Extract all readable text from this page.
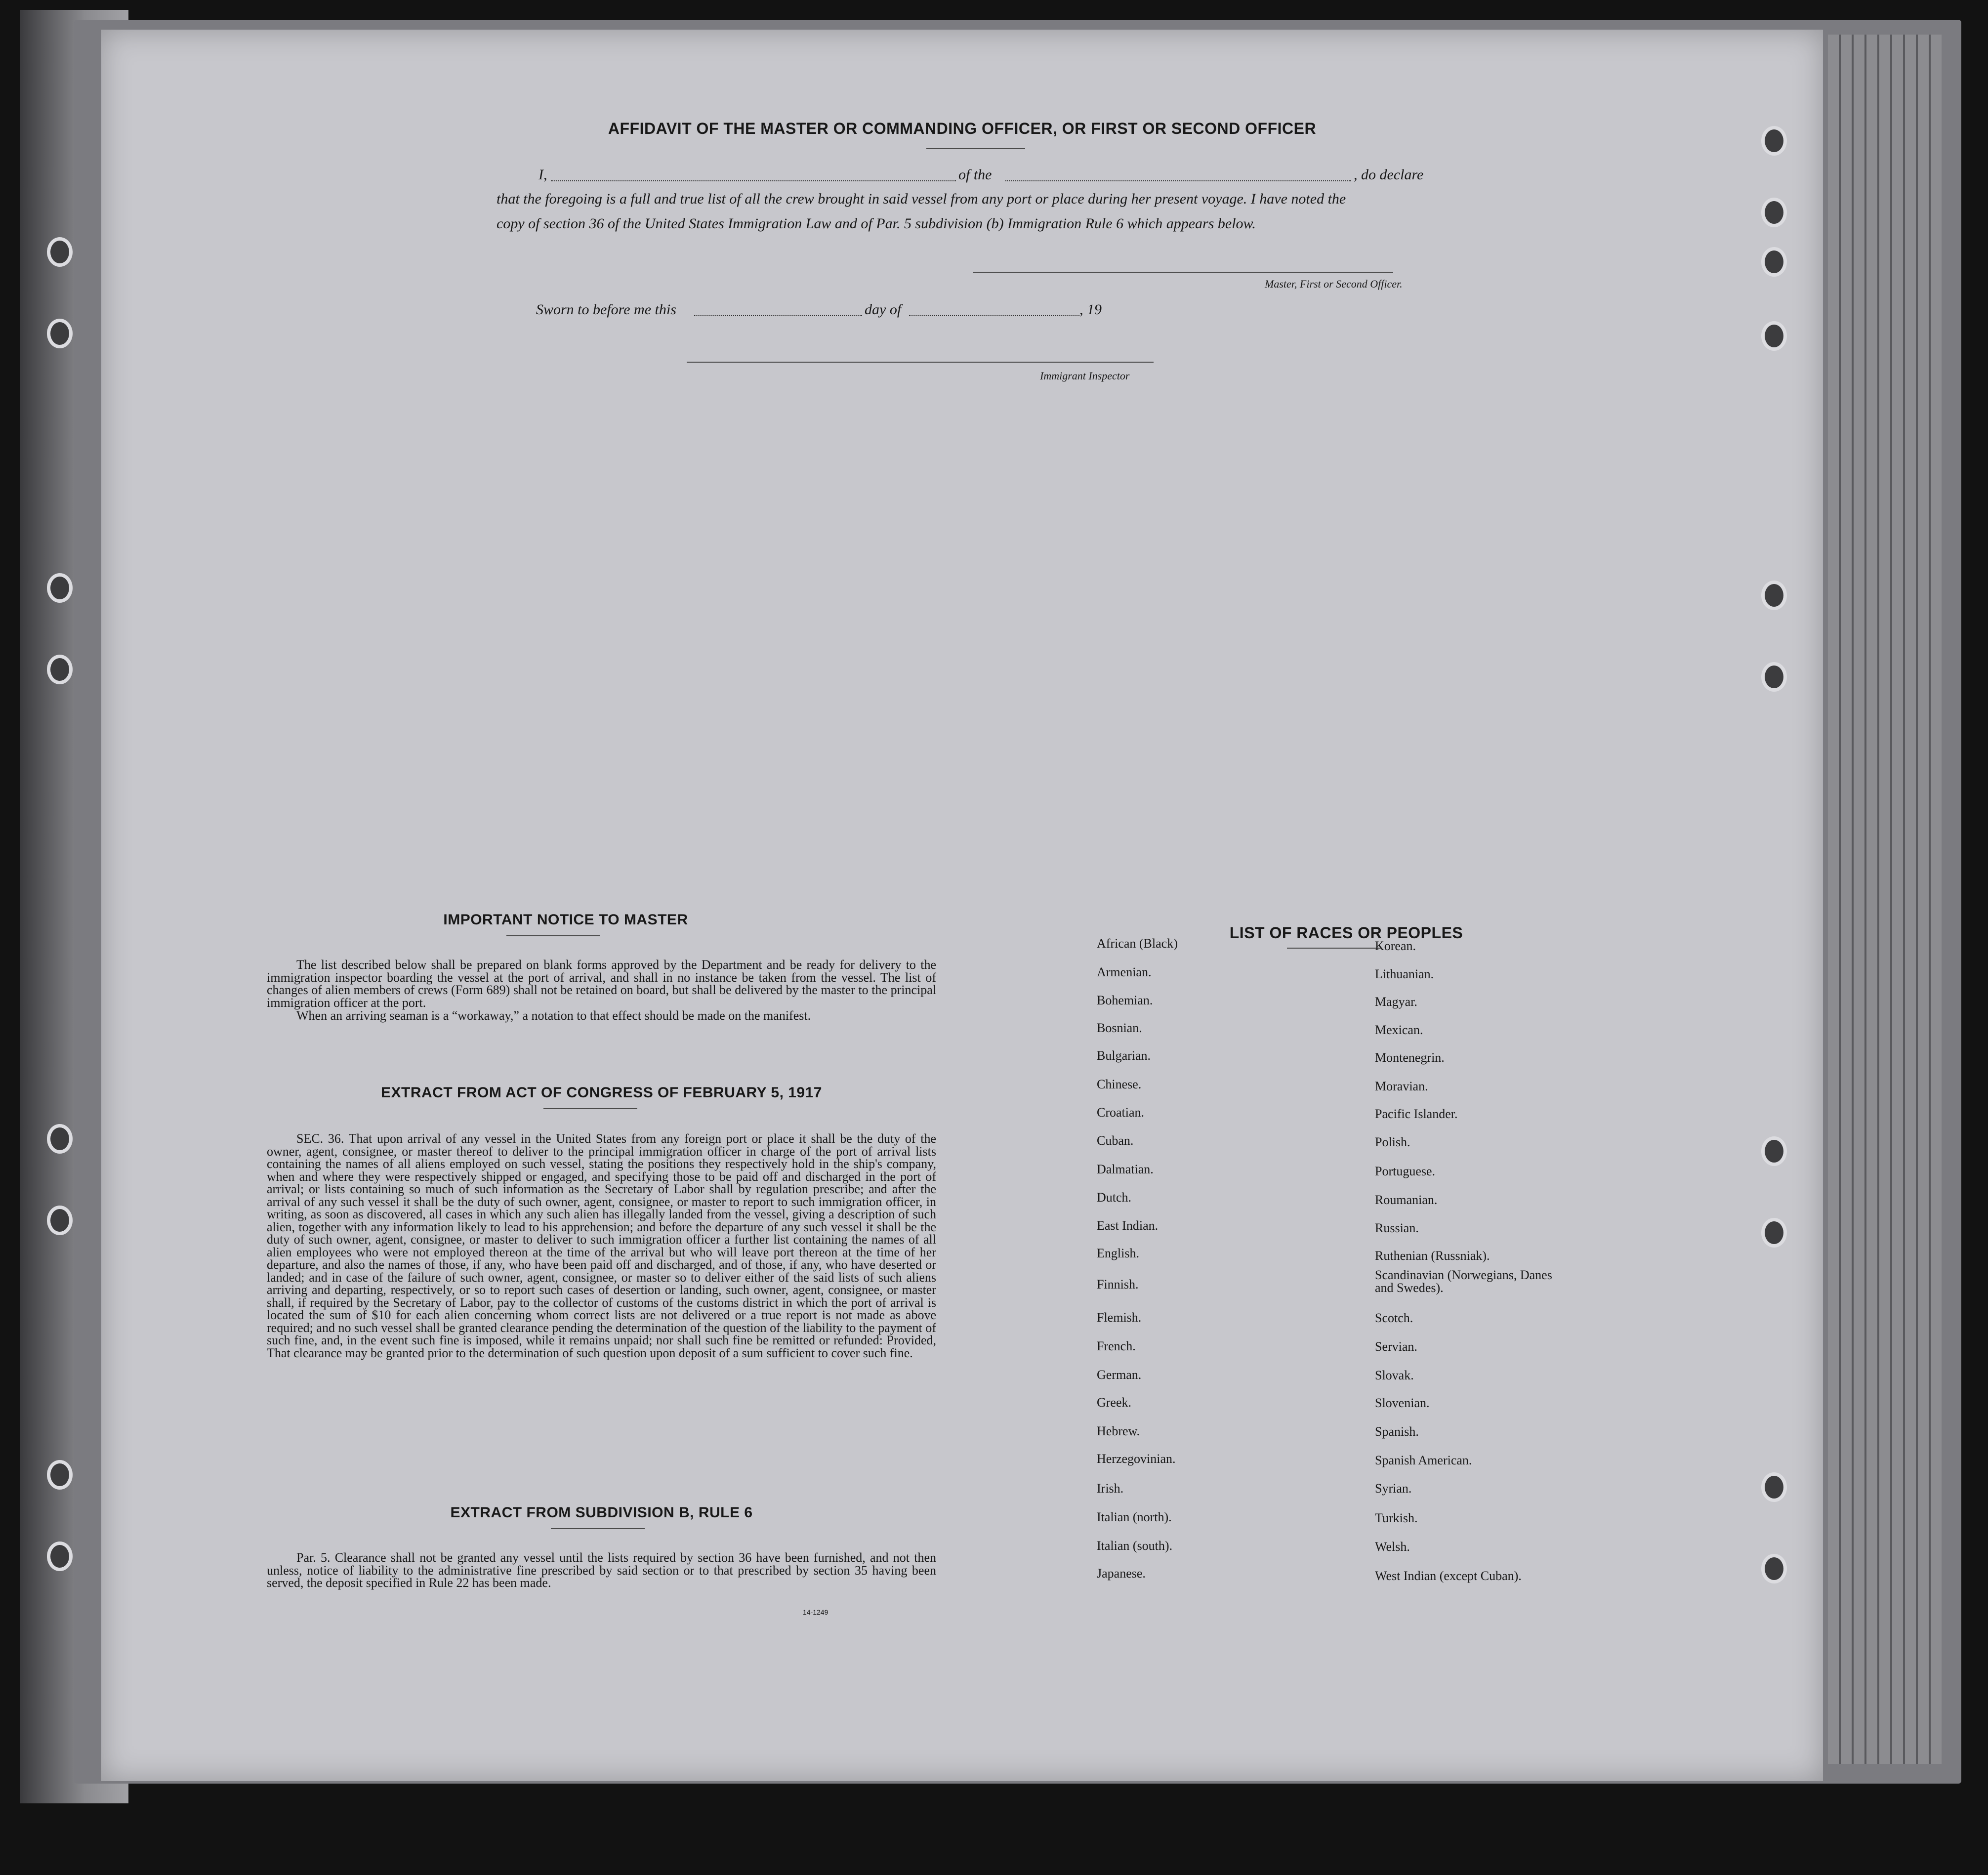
AFFIDAVIT OF THE MASTER OR COMMANDING OFFICER, OR FIRST OR SECOND OFFICER
I,	of the	, do declare
that the foregoing is a full and true list of all the crew brought in said vessel from any port or place during her present voyage. I have noted the
copy of section 36 of the United States Immigration Law and of Par. 5 subdivision (b) Immigration Rule 6 which appears below.
Master, First or Second Officer.
Sworn to before me this	day of	, 19
Immigrant Inspector
IMPORTANT NOTICE TO MASTER
The list described below shall be prepared on blank forms approved by the Department and be ready for delivery to the immigration inspector boarding the vessel at the port of arrival, and shall in no instance be taken from the vessel. The list of changes of alien members of crews (Form 689) shall not be retained on board, but shall be delivered by the master to the principal immigration officer at the port.
When an arriving seaman is a “workaway,” a notation to that effect should be made on the manifest.
EXTRACT FROM ACT OF CONGRESS OF FEBRUARY 5, 1917
SEC. 36. That upon arrival of any vessel in the United States from any foreign port or place it shall be the duty of the owner, agent, consignee, or master thereof to deliver to the principal immigration officer in charge of the port of arrival lists containing the names of all aliens employed on such vessel, stating the positions they respectively hold in the ship's company, when and where they were respectively shipped or engaged, and specifying those to be paid off and discharged in the port of arrival; or lists containing so much of such information as the Secretary of Labor shall by regulation prescribe; and after the arrival of any such vessel it shall be the duty of such owner, agent, consignee, or master to report to such immigration officer, in writing, as soon as discovered, all cases in which any such alien has illegally landed from the vessel, giving a description of such alien, together with any information likely to lead to his apprehension; and before the departure of any such vessel it shall be the duty of such owner, agent, consignee, or master to deliver to such immigration officer a further list containing the names of all alien employees who were not employed thereon at the time of the arrival but who will leave port thereon at the time of her departure, and also the names of those, if any, who have been paid off and discharged, and of those, if any, who have deserted or landed; and in case of the failure of such owner, agent, consignee, or master so to deliver either of the said lists of such aliens arriving and departing, respectively, or so to report such cases of desertion or landing, such owner, agent, consignee, or master shall, if required by the Secretary of Labor, pay to the collector of customs of the customs district in which the port of arrival is located the sum of $10 for each alien concerning whom correct lists are not delivered or a true report is not made as above required; and no such vessel shall be granted clearance pending the determination of the question of the liability to the payment of such fine, and, in the event such fine is imposed, while it remains unpaid; nor shall such fine be remitted or refunded: Provided, That clearance may be granted prior to the determination of such question upon deposit of a sum sufficient to cover such fine.
EXTRACT FROM SUBDIVISION B, RULE 6
Par. 5. Clearance shall not be granted any vessel until the lists required by section 36 have been furnished, and not then unless, notice of liability to the administrative fine prescribed by said section or to that prescribed by section 35 having been served, the deposit specified in Rule 22 has been made.
14-1249
LIST OF RACES OR PEOPLES
African (Black)
Armenian.
Bohemian.
Bosnian.
Bulgarian.
Chinese.
Croatian.
Cuban.
Dalmatian.
Dutch.
East Indian.
English.
Finnish.
Flemish.
French.
German.
Greek.
Hebrew.
Herzegovinian.
Irish.
Italian (north).
Italian (south).
Japanese.
Korean.
Lithuanian.
Magyar.
Mexican.
Montenegrin.
Moravian.
Pacific Islander.
Polish.
Portuguese.
Roumanian.
Russian.
Ruthenian (Russniak).
Scandinavian (Norwegians, Danes and Swedes).
Scotch.
Servian.
Slovak.
Slovenian.
Spanish.
Spanish American.
Syrian.
Turkish.
Welsh.
West Indian (except Cuban).
